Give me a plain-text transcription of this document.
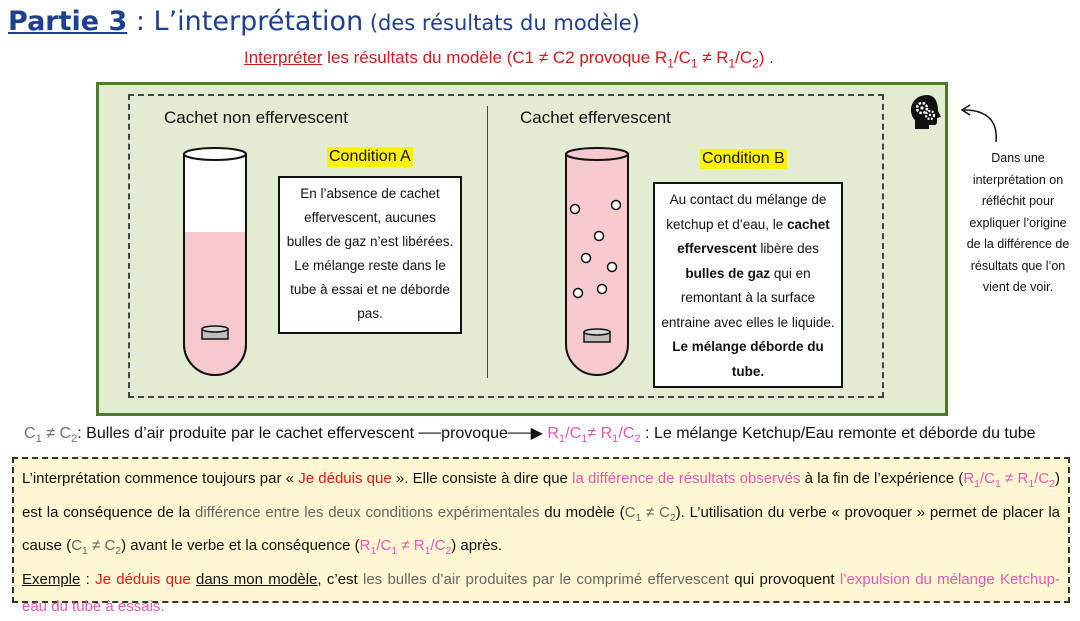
Partie 3 : L’interprétation (des résultats du modèle)
Interpréter les résultats du modèle (C1 ≠ C2 provoque $R_1/C_1 \ne R_1/C_2$) .
Cachet non effervescent
Condition A
En l’absence de cachet effervescent, aucunes bulles de gaz n’est libérées. Le mélange reste dans le tube à essai et ne déborde pas.
Cachet effervescent
Condition B
Au contact du mélange de ketchup et d’eau, le cachet effervescent libère des bulles de gaz qui en remontant à la surface entraine avec elles le liquide. Le mélange déborde du tube.
Dans une interprétation on réfléchit pour expliquer l’origine de la différence de résultats que l’on vient de voir.
$C_1 \ne C_2$: Bulles d’air produite par le cachet effervescent ──provoque──▶ $R_1/C_1\ne R_1/C_2$ : Le mélange Ketchup/Eau remonte et déborde du tube
L’interprétation commence toujours par « Je déduis que ». Elle consiste à dire que la différence de résultats observés à la fin de l’expérience $(R_1/C_1 \ne R_1/C_2)$ est la conséquence de la différence entre les deux conditions expérimentales du modèle $(C_1 \ne C_2)$. L’utilisation du verbe « provoquer » permet de placer la cause $(C_1 \ne C_2)$ avant le verbe et la conséquence $(R_1/C_1 \ne R_1/C_2)$ après.
Exemple : Je déduis que dans mon modèle, c’est les bulles d’air produites par le comprimé effervescent qui provoquent l’expulsion du mélange Ketchup-eau du tube à essais.
